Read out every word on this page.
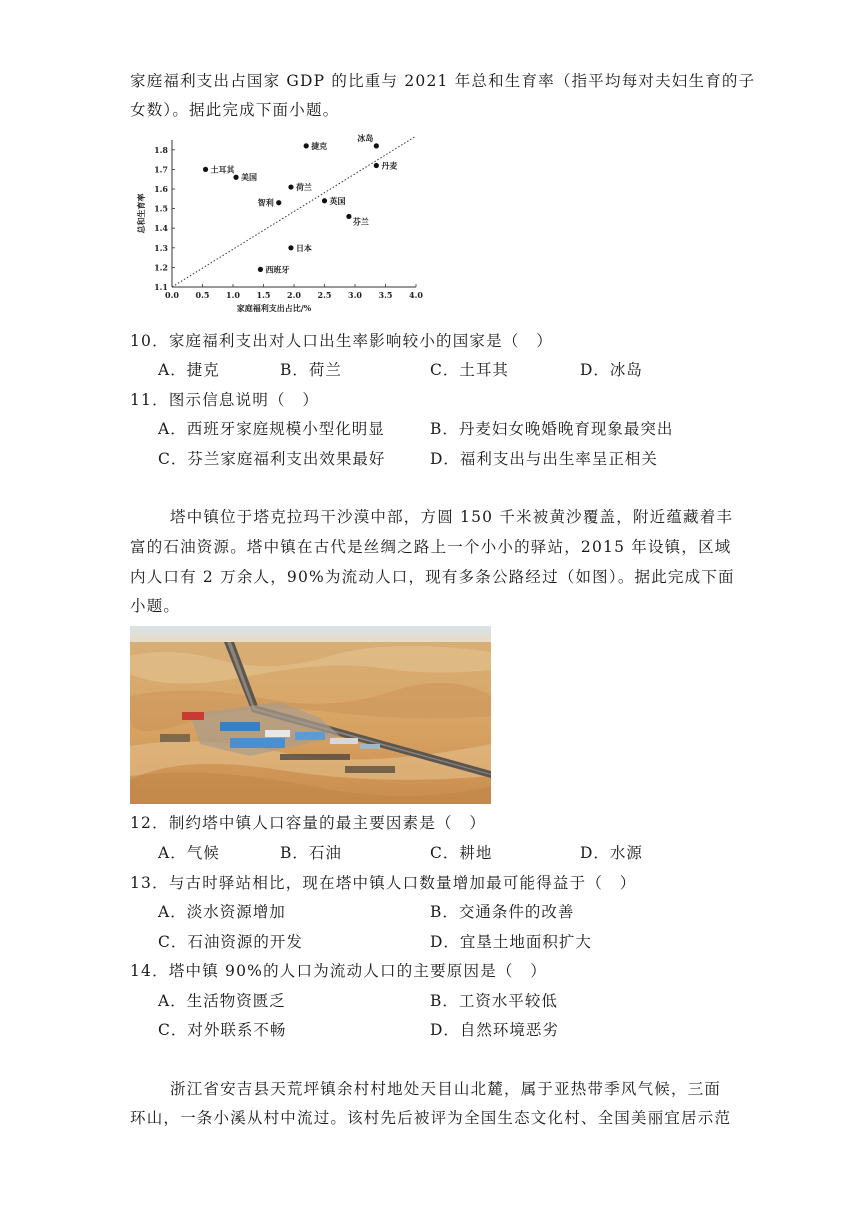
家庭福利支出占国家 GDP 的比重与 2021 年总和生育率（指平均每对夫妇生育的子
女数）。据此完成下面小题。
0.0 0.5 1.0 1.5 2.0 2.5 3.0 3.5 4.0
1.1
1.2
1.3
1.4
1.5
1.6
1.7
1.8
家庭福利支出占比/%
总和生育率
土耳其
美国
智利
荷兰
捷克
冰岛
丹麦
英国
芬兰
日本
西班牙
10．家庭福利支出对人口出生率影响较小的国家是（　）
A．捷克	B．荷兰	C．土耳其	D．冰岛
11．图示信息说明（　）
A．西班牙家庭规模小型化明显	B．丹麦妇女晚婚晚育现象最突出
C．芬兰家庭福利支出效果最好	D．福利支出与出生率呈正相关
塔中镇位于塔克拉玛干沙漠中部，方圆 150 千米被黄沙覆盖，附近蕴藏着丰
富的石油资源。塔中镇在古代是丝绸之路上一个小小的驿站，2015 年设镇，区域
内人口有 2 万余人，90%为流动人口，现有多条公路经过（如图）。据此完成下面
小题。
12．制约塔中镇人口容量的最主要因素是（　）
A．气候	B．石油	C．耕地	D．水源
13．与古时驿站相比，现在塔中镇人口数量增加最可能得益于（　）
A．淡水资源增加	B．交通条件的改善
C．石油资源的开发	D．宜垦土地面积扩大
14．塔中镇 90%的人口为流动人口的主要原因是（　）
A．生活物资匮乏	B．工资水平较低
C．对外联系不畅	D．自然环境恶劣
浙江省安吉县天荒坪镇余村村地处天目山北麓，属于亚热带季风气候，三面
环山，一条小溪从村中流过。该村先后被评为全国生态文化村、全国美丽宜居示范
